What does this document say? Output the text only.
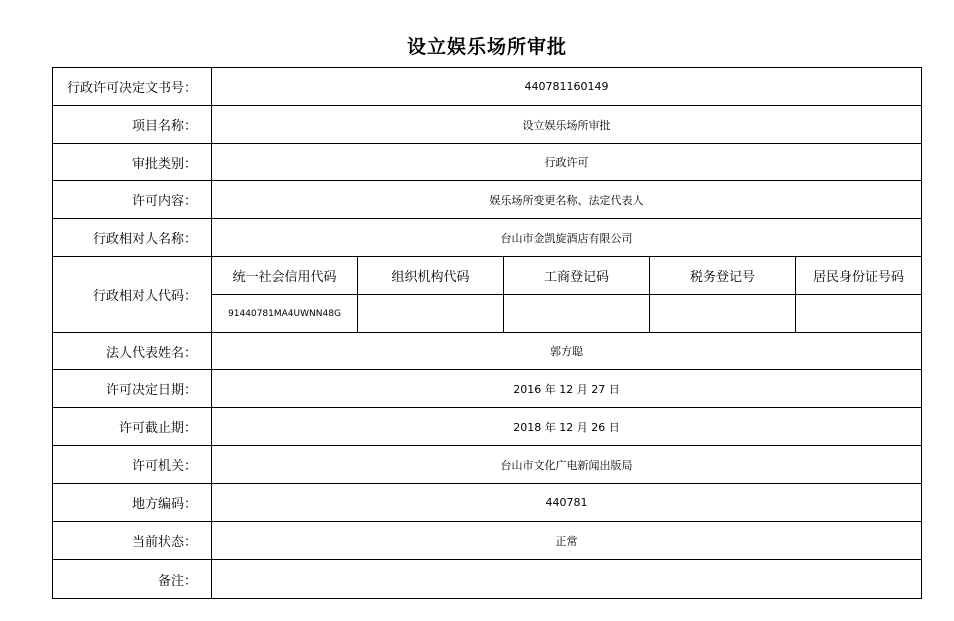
设立娱乐场所审批
行政许可决定文书号：	440781160149				
项目名称：	设立娱乐场所审批				
审批类别：	行政许可				
许可内容：	娱乐场所变更名称、法定代表人				
行政相对人名称：	台山市金凯旋酒店有限公司				
行政相对人代码：	统一社会信用代码	组织机构代码	工商登记码	税务登记号	居民身份证号码
	91440781MA4UWNN48G				
法人代表姓名：	郭方聪				
许可决定日期：	2016 年 12 月 27 日				
许可截止期：	2018 年 12 月 26 日				
许可机关：	台山市文化广电新闻出版局				
地方编码：	440781				
当前状态：	正常				
备注：					
